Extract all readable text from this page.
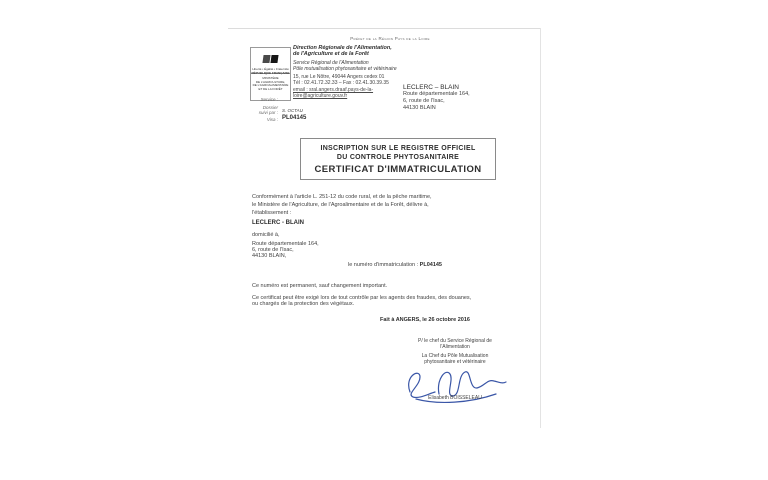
Préfet de la Région Pays de la Loire
Liberté • Égalité • Fraternité
RÉPUBLIQUE FRANÇAISE
MINISTÈRE
DE L'AGRICULTURE,
DE L'AGROALIMENTAIRE
ET DE LA FORÊT
Direction Régionale de l'Alimentation,
de l'Agriculture et de la Forêt
Service Régional de l'Alimentation
Pôle mutualisation phytosanitaire et vétérinaire
15, rue Le Nôtre, 49044 Angers cedex 01
Tél : 02.41.72.32.33 – Fax : 02.41.30.39.35
email : sral.angers.draaf.pays-de-la-
loire@agriculture.gouv.fr
Service :
Dossier
suivi par : S. OCTAU
Visa : PL04145
LECLERC – BLAIN
Route départementale 164,
6, route de l'Isac,
44130 BLAIN
INSCRIPTION SUR LE REGISTRE OFFICIEL
DU CONTROLE PHYTOSANITAIRE
CERTIFICAT D'IMMATRICULATION
Conformément à l'article L. 251-12 du code rural, et de la pêche maritime,
le Ministère de l'Agriculture, de l'Agroalimentaire et de la Forêt, délivre à,
l'établissement :
LECLERC - BLAIN
domicilié à,
Route départementale 164,
6, route de l'Isac,
44130 BLAIN,
le numéro d'immatriculation : PL04145
Ce numéro est permanent, sauf changement important.
Ce certificat peut être exigé lors de tout contrôle par les agents des fraudes, des douanes,
ou chargés de la protection des végétaux.
Fait à ANGERS, le 26 octobre 2016
P/ le chef du Service Régional de
l'Alimentation
La Chef du Pôle Mutualisation
phytosanitaire et vétérinaire
Elisabeth BOISSELEAU
